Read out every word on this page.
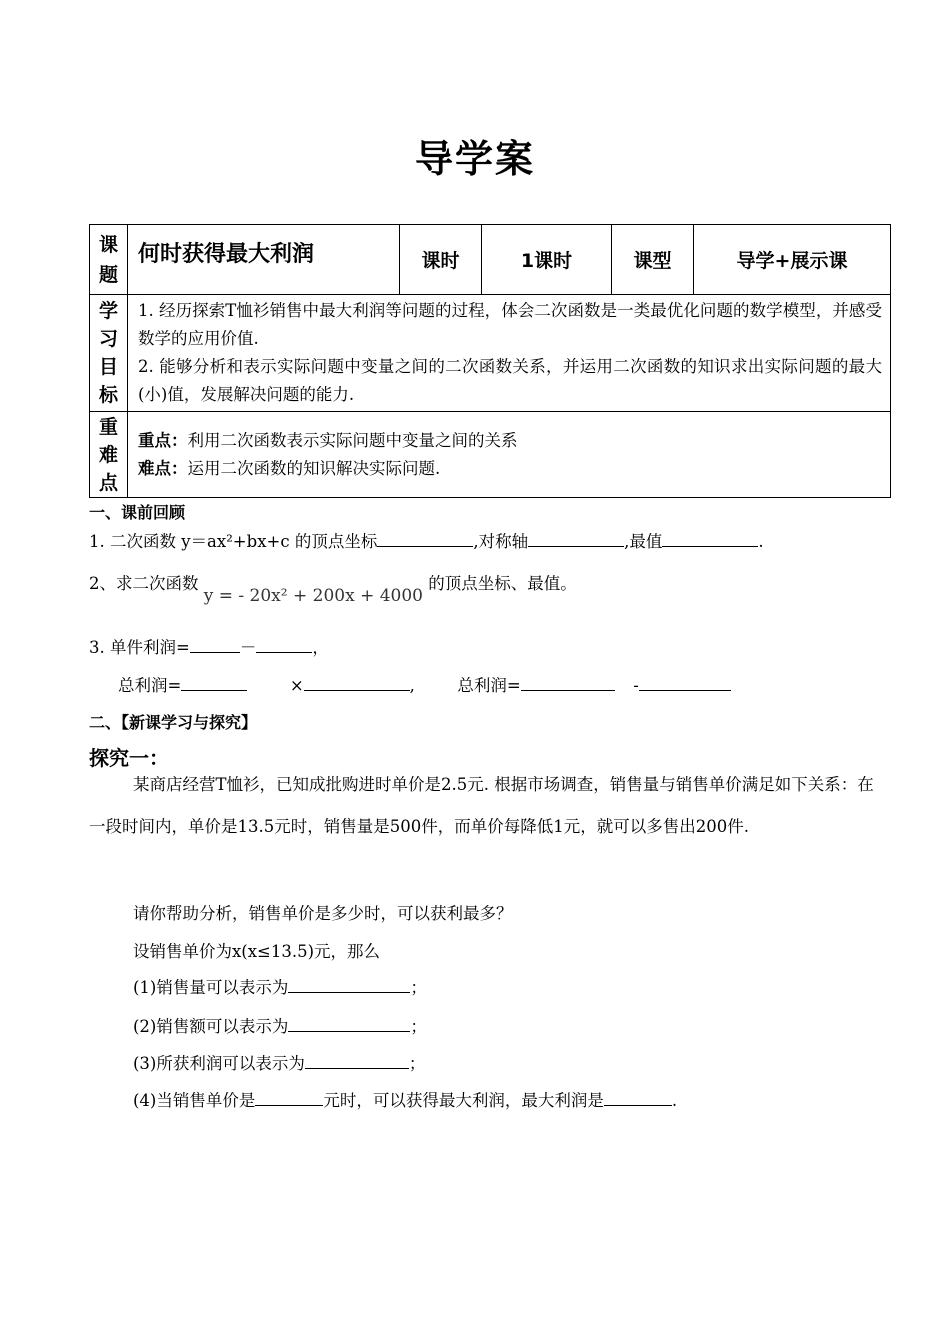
导学案
课题	何时获得最大利润	课时	1课时	课型	导学+展示课
学习目标	1. 经历探索T恤衫销售中最大利润等问题的过程，体会二次函数是一类最优化问题的数学模型，并感受数学的应用价值.
2. 能够分析和表示实际问题中变量之间的二次函数关系，并运用二次函数的知识求出实际问题的最大(小)值，发展解决问题的能力.				

重难点	重点：利用二次函数表示实际问题中变量之间的关系
难点：运用二次函数的知识解决实际问题.				
一、课前回顾
1. 二次函数 y＝ax²+bx+c 的顶点坐标	,对称轴	,最值	.
2、求二次函数 y = - 20x² + 200x + 4000 的顶点坐标、最值。
3. 单件利润=	－	，
总利润=	×	,	总利润=	-
二、【新课学习与探究】
探究一：
某商店经营T恤衫，已知成批购进时单价是2.5元. 根据市场调查，销售量与销售单价满足如下关系：在一段时间内，单价是13.5元时，销售量是500件，而单价每降低1元，就可以多售出200件.
请你帮助分析，销售单价是多少时，可以获利最多？
设销售单价为x(x≤13.5)元，那么
(1)销售量可以表示为	；
(2)销售额可以表示为	；
(3)所获利润可以表示为	；
(4)当销售单价是	元时，可以获得最大利润，最大利润是	.
